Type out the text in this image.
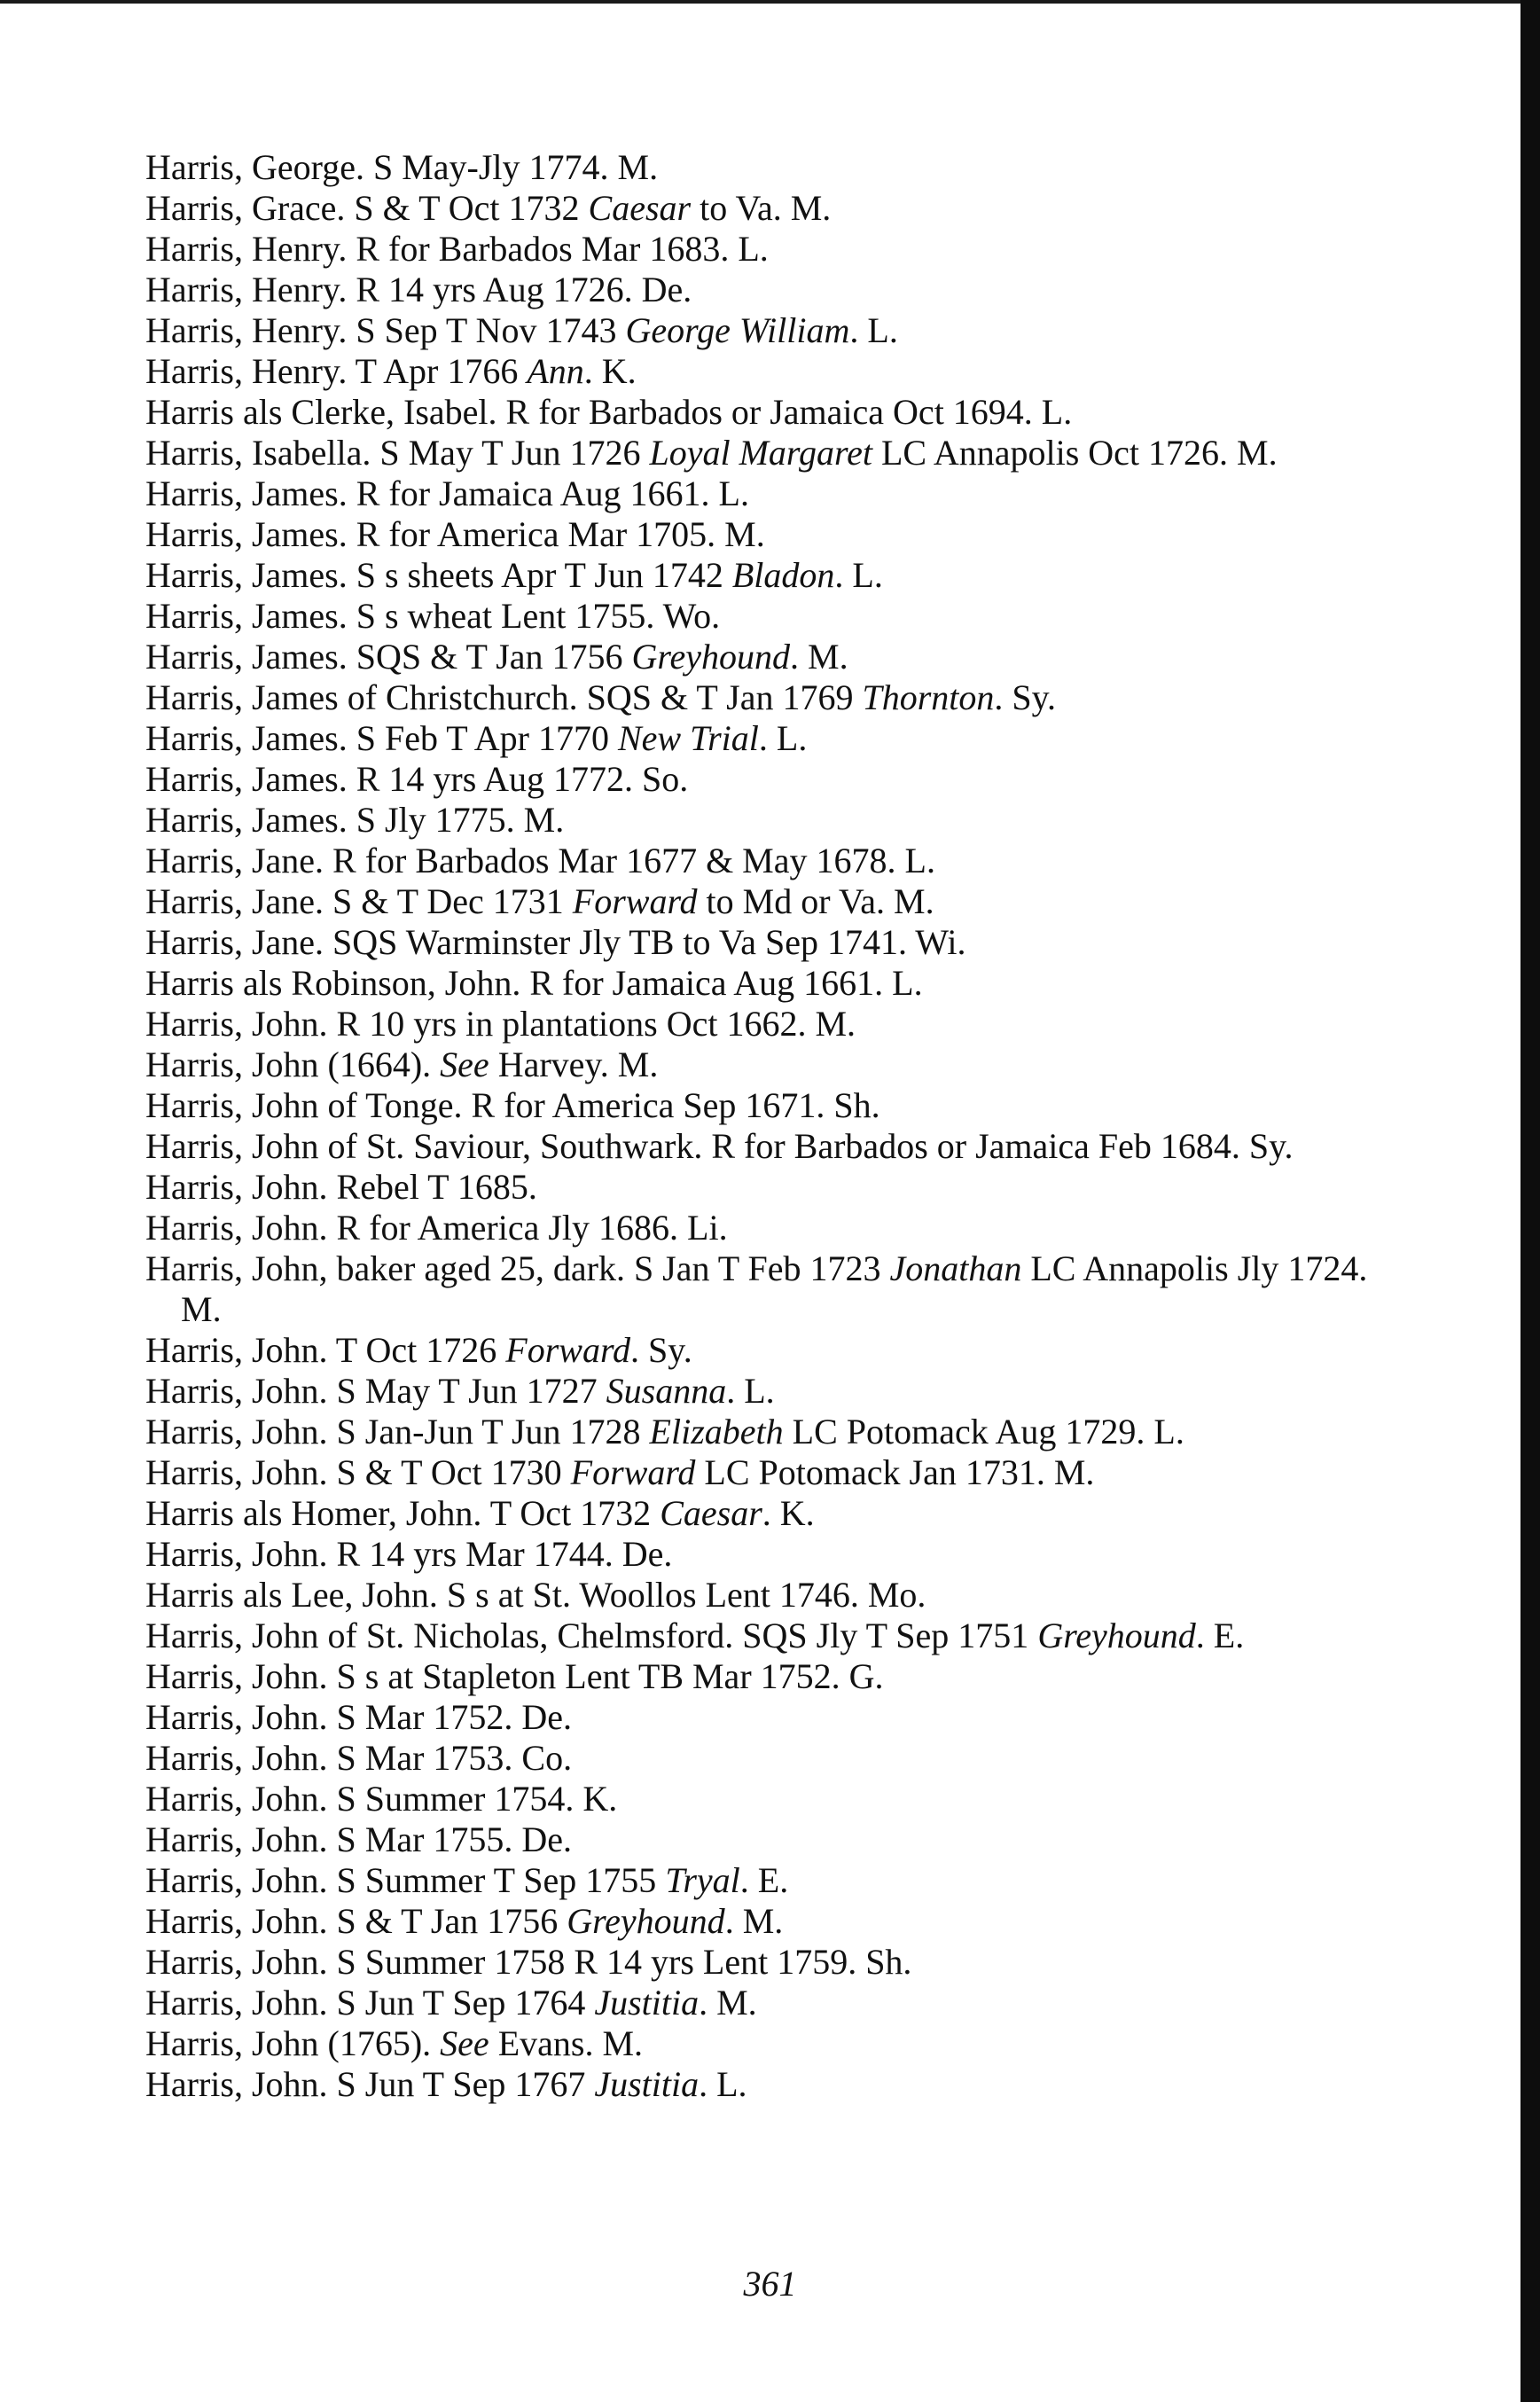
Harris, George. S May-Jly 1774. M.
Harris, Grace. S & T Oct 1732 Caesar to Va. M.
Harris, Henry. R for Barbados Mar 1683. L.
Harris, Henry. R 14 yrs Aug 1726. De.
Harris, Henry. S Sep T Nov 1743 George William. L.
Harris, Henry. T Apr 1766 Ann. K.
Harris als Clerke, Isabel. R for Barbados or Jamaica Oct 1694. L.
Harris, Isabella. S May T Jun 1726 Loyal Margaret LC Annapolis Oct 1726. M.
Harris, James. R for Jamaica Aug 1661. L.
Harris, James. R for America Mar 1705. M.
Harris, James. S s sheets Apr T Jun 1742 Bladon. L.
Harris, James. S s wheat Lent 1755. Wo.
Harris, James. SQS & T Jan 1756 Greyhound. M.
Harris, James of Christchurch. SQS & T Jan 1769 Thornton. Sy.
Harris, James. S Feb T Apr 1770 New Trial. L.
Harris, James. R 14 yrs Aug 1772. So.
Harris, James. S Jly 1775. M.
Harris, Jane. R for Barbados Mar 1677 & May 1678. L.
Harris, Jane. S & T Dec 1731 Forward to Md or Va. M.
Harris, Jane. SQS Warminster Jly TB to Va Sep 1741. Wi.
Harris als Robinson, John. R for Jamaica Aug 1661. L.
Harris, John. R 10 yrs in plantations Oct 1662. M.
Harris, John (1664). See Harvey. M.
Harris, John of Tonge. R for America Sep 1671. Sh.
Harris, John of St. Saviour, Southwark. R for Barbados or Jamaica Feb 1684. Sy.
Harris, John. Rebel T 1685.
Harris, John. R for America Jly 1686. Li.
Harris, John, baker aged 25, dark. S Jan T Feb 1723 Jonathan LC Annapolis Jly 1724. M.
Harris, John. T Oct 1726 Forward. Sy.
Harris, John. S May T Jun 1727 Susanna. L.
Harris, John. S Jan-Jun T Jun 1728 Elizabeth LC Potomack Aug 1729. L.
Harris, John. S & T Oct 1730 Forward LC Potomack Jan 1731. M.
Harris als Homer, John. T Oct 1732 Caesar. K.
Harris, John. R 14 yrs Mar 1744. De.
Harris als Lee, John. S s at St. Woollos Lent 1746. Mo.
Harris, John of St. Nicholas, Chelmsford. SQS Jly T Sep 1751 Greyhound. E.
Harris, John. S s at Stapleton Lent TB Mar 1752. G.
Harris, John. S Mar 1752. De.
Harris, John. S Mar 1753. Co.
Harris, John. S Summer 1754. K.
Harris, John. S Mar 1755. De.
Harris, John. S Summer T Sep 1755 Tryal. E.
Harris, John. S & T Jan 1756 Greyhound. M.
Harris, John. S Summer 1758 R 14 yrs Lent 1759. Sh.
Harris, John. S Jun T Sep 1764 Justitia. M.
Harris, John (1765). See Evans. M.
Harris, John. S Jun T Sep 1767 Justitia. L.
361
